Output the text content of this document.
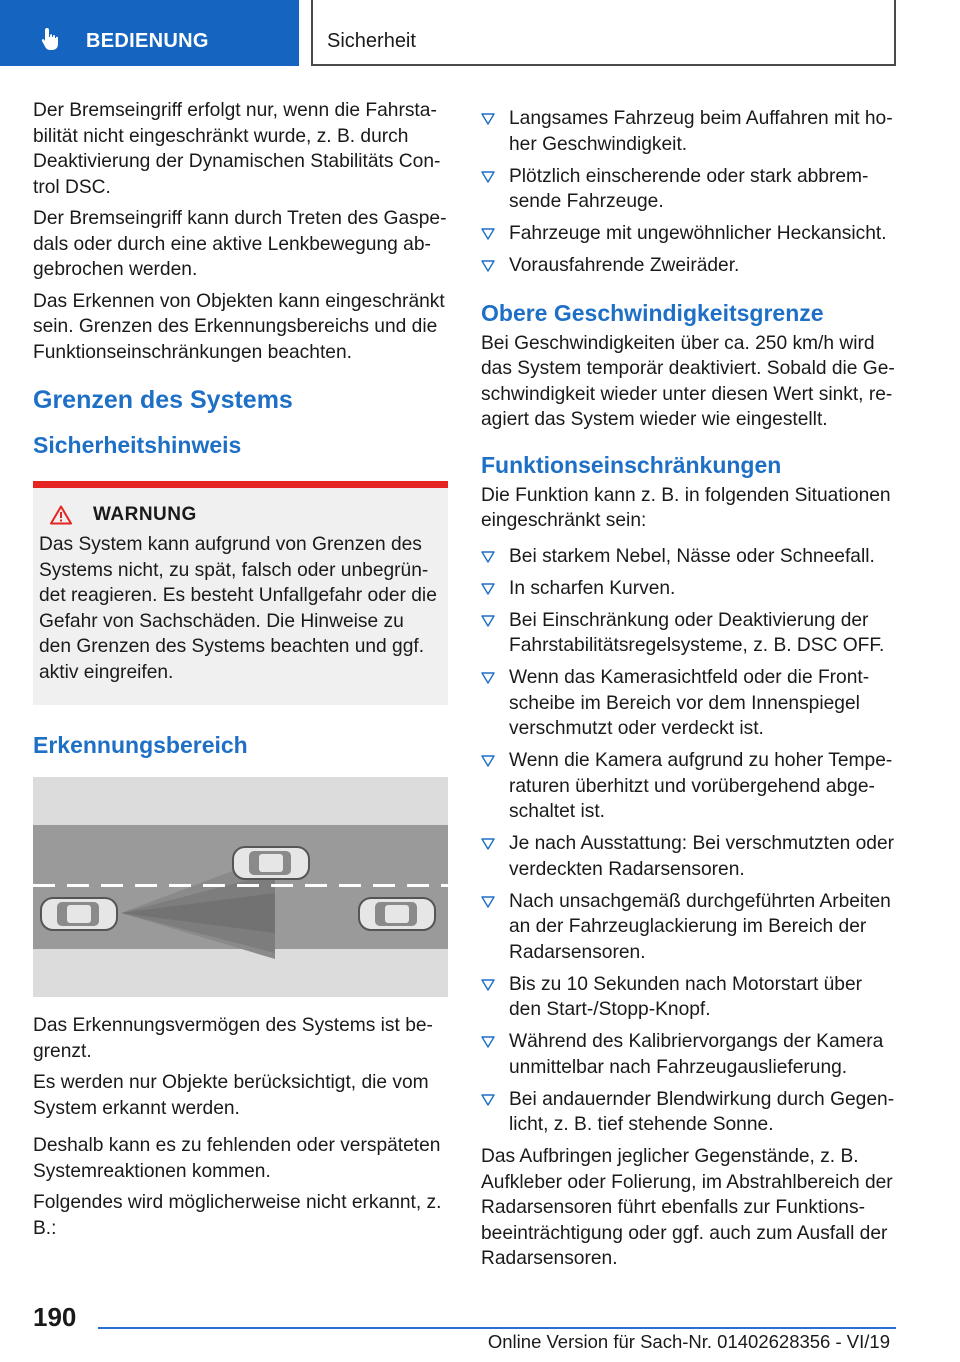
BEDIENUNG	Sicherheit

Der Bremseingriff erfolgt nur, wenn die Fahrstabilität nicht eingeschränkt wurde, z. B. durch Deaktivierung der Dynamischen Stabilitäts Control DSC.

Der Bremseingriff kann durch Treten des Gaspedals oder durch eine aktive Lenkbewegung abgebrochen werden.

Das Erkennen von Objekten kann eingeschränkt sein. Grenzen des Erkennungsbereichs und die Funktionseinschränkungen beachten.

Grenzen des Systems
Sicherheitshinweis
WARNUNG

Das System kann aufgrund von Grenzen des Systems nicht, zu spät, falsch oder unbegründet reagieren. Es besteht Unfallgefahr oder die Gefahr von Sachschäden. Die Hinweise zu den Grenzen des Systems beachten und ggf. aktiv eingreifen.

Erkennungsbereich

Das Erkennungsvermögen des Systems ist begrenzt.

Es werden nur Objekte berücksichtigt, die vom System erkannt werden.

Deshalb kann es zu fehlenden oder verspäteten Systemreaktionen kommen.

Folgendes wird möglicherweise nicht erkannt, z. B.:

Langsames Fahrzeug beim Auffahren mit hoher Geschwindigkeit.
Plötzlich einscherende oder stark abbremsende Fahrzeuge.
Fahrzeuge mit ungewöhnlicher Heckansicht.
Vorausfahrende Zweiräder.
Obere Geschwindigkeitsgrenze

Bei Geschwindigkeiten über ca. 250 km/h wird das System temporär deaktiviert. Sobald die Geschwindigkeit wieder unter diesen Wert sinkt, reagiert das System wieder wie eingestellt.

Funktionseinschränkungen

Die Funktion kann z. B. in folgenden Situationen eingeschränkt sein:

Bei starkem Nebel, Nässe oder Schneefall.
In scharfen Kurven.
Bei Einschränkung oder Deaktivierung der Fahrstabilitätsregelsysteme, z. B. DSC OFF.
Wenn das Kamerasichtfeld oder die Frontscheibe im Bereich vor dem Innenspiegel verschmutzt oder verdeckt ist.
Wenn die Kamera aufgrund zu hoher Temperaturen überhitzt und vorübergehend abgeschaltet ist.
Je nach Ausstattung: Bei verschmutzten oder verdeckten Radarsensoren.
Nach unsachgemäß durchgeführten Arbeiten an der Fahrzeuglackierung im Bereich der Radarsensoren.
Bis zu 10 Sekunden nach Motorstart über den Start-/Stopp-Knopf.
Während des Kalibriervorgangs der Kamera unmittelbar nach Fahrzeugauslieferung.
Bei andauernder Blendwirkung durch Gegenlicht, z. B. tief stehende Sonne.

Das Aufbringen jeglicher Gegenstände, z. B. Aufkleber oder Folierung, im Abstrahlbereich der Radarsensoren führt ebenfalls zur Funktionsbeeinträchtigung oder ggf. auch zum Ausfall der Radarsensoren.

190
Online Version für Sach-Nr. 01402628356 - VI/19
